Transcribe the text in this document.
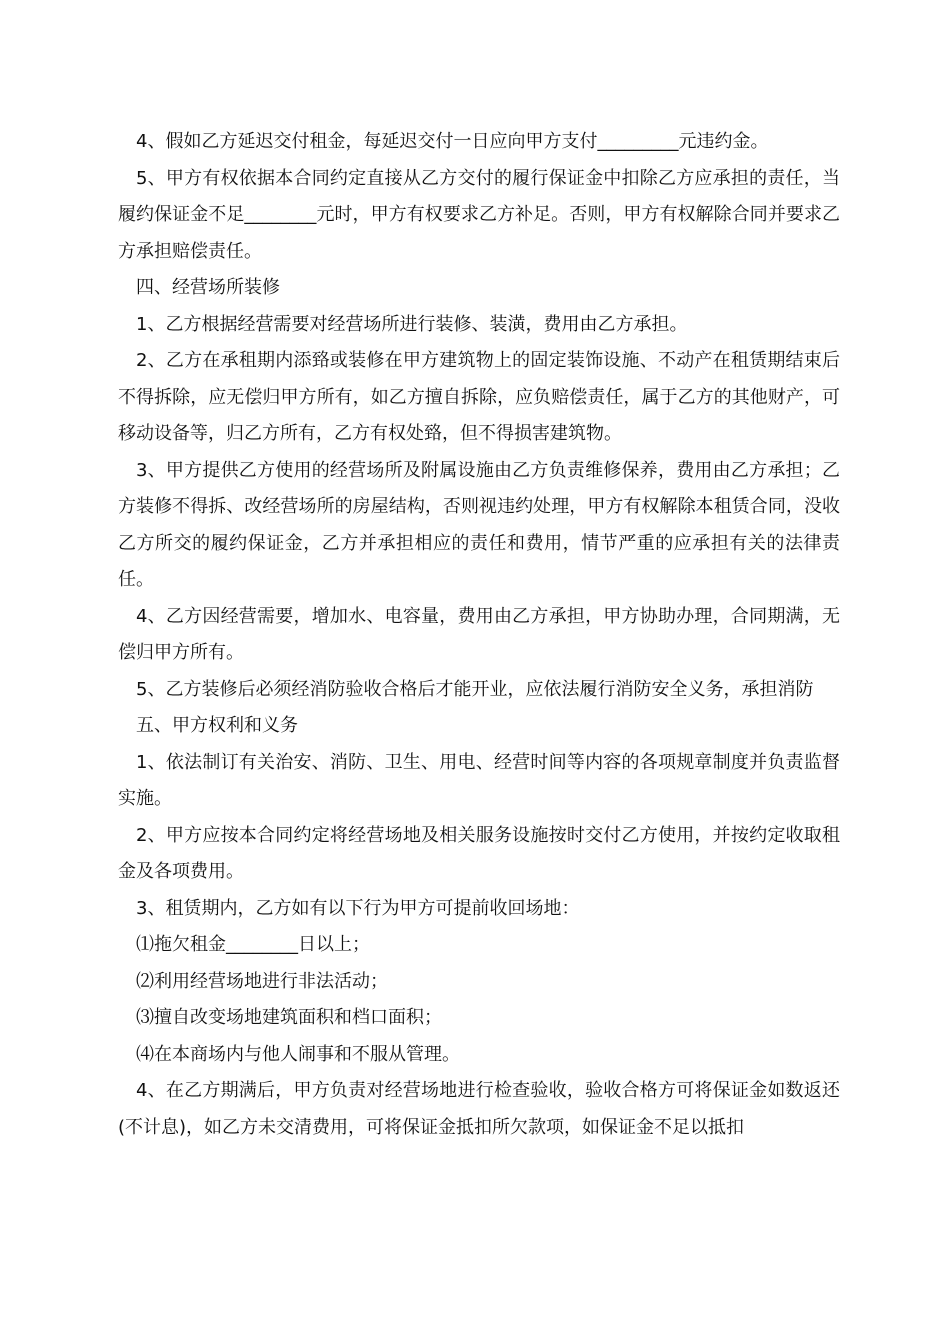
4、假如乙方延迟交付租金，每延迟交付一日应向甲方支付_________元违约金。

5、甲方有权依据本合同约定直接从乙方交付的履行保证金中扣除乙方应承担的责任，当履约保证金不足________元时，甲方有权要求乙方补足。否则，甲方有权解除合同并要求乙方承担赔偿责任。

四、经营场所装修

1、乙方根据经营需要对经营场所进行装修、装潢，费用由乙方承担。

2、乙方在承租期内添臵或装修在甲方建筑物上的固定装饰设施、不动产在租赁期结束后不得拆除，应无偿归甲方所有，如乙方擅自拆除，应负赔偿责任，属于乙方的其他财产，可移动设备等，归乙方所有，乙方有权处臵，但不得损害建筑物。

3、甲方提供乙方使用的经营场所及附属设施由乙方负责维修保养，费用由乙方承担；乙方装修不得拆、改经营场所的房屋结构，否则视违约处理，甲方有权解除本租赁合同，没收乙方所交的履约保证金，乙方并承担相应的责任和费用，情节严重的应承担有关的法律责任。

4、乙方因经营需要，增加水、电容量，费用由乙方承担，甲方协助办理，合同期满，无偿归甲方所有。

5、乙方装修后必须经消防验收合格后才能开业，应依法履行消防安全义务，承担消防

五、甲方权利和义务

1、依法制订有关治安、消防、卫生、用电、经营时间等内容的各项规章制度并负责监督实施。

2、甲方应按本合同约定将经营场地及相关服务设施按时交付乙方使用，并按约定收取租金及各项费用。

3、租赁期内，乙方如有以下行为甲方可提前收回场地：

⑴拖欠租金________日以上；

⑵利用经营场地进行非法活动；

⑶擅自改变场地建筑面积和档口面积；

⑷在本商场内与他人闹事和不服从管理。

4、在乙方期满后，甲方负责对经营场地进行检查验收，验收合格方可将保证金如数返还(不计息)，如乙方未交清费用，可将保证金抵扣所欠款项，如保证金不足以抵扣
